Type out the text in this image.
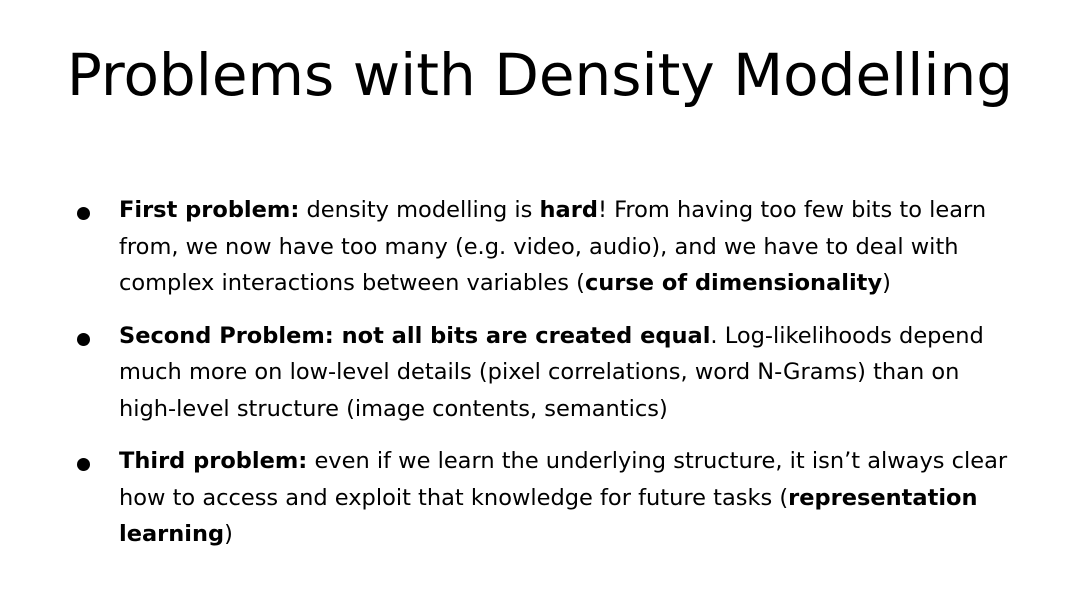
Problems with Density Modelling
First problem: density modelling is hard! From having too few bits to learn from, we now have too many (e.g. video, audio), and we have to deal with complex interactions between variables (curse of dimensionality)
Second Problem: not all bits are created equal. Log-likelihoods depend much more on low-level details (pixel correlations, word N-Grams) than on high-level structure (image contents, semantics)
Third problem: even if we learn the underlying structure, it isn’t always clear how to access and exploit that knowledge for future tasks (representation learning)
